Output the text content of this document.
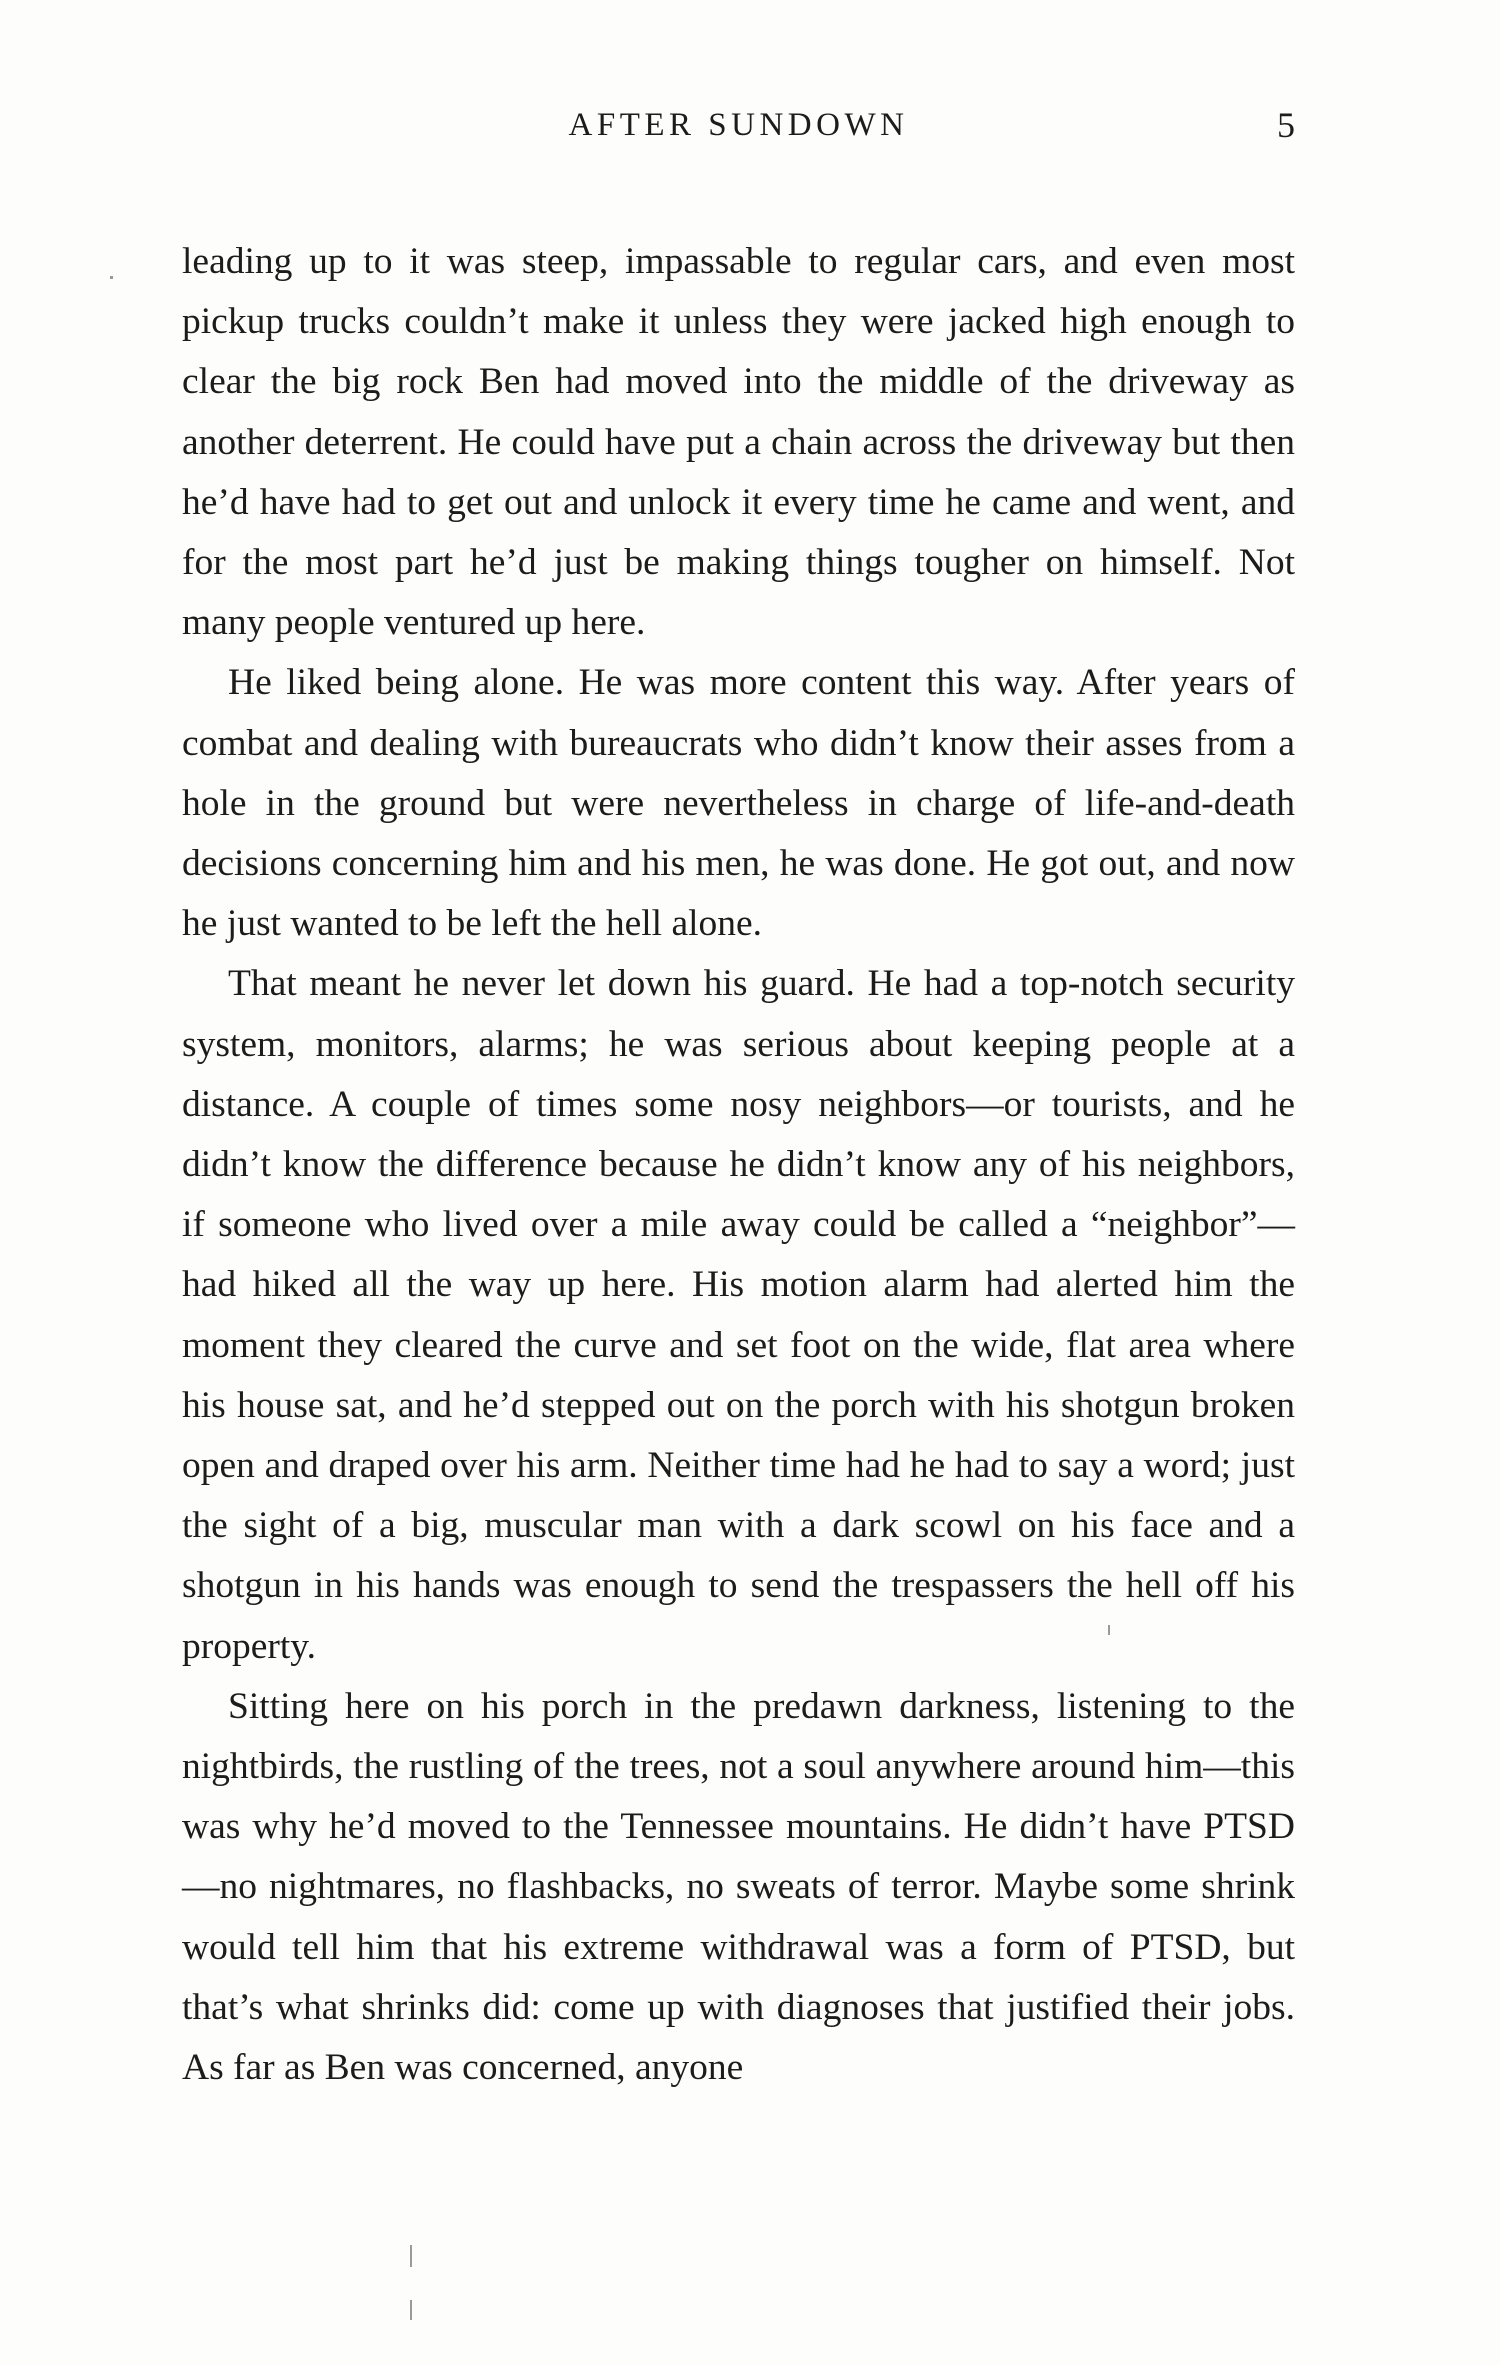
AFTER SUNDOWN	5

leading up to it was steep, impassable to regular cars, and even most pickup trucks couldn’t make it unless they were jacked high enough to clear the big rock Ben had moved into the middle of the driveway as another deterrent. He could have put a chain across the driveway but then he’d have had to get out and unlock it every time he came and went, and for the most part he’d just be making things tougher on himself. Not many people ventured up here.

He liked being alone. He was more content this way. After years of combat and dealing with bureaucrats who didn’t know their asses from a hole in the ground but were nevertheless in charge of life-and-death decisions concerning him and his men, he was done. He got out, and now he just wanted to be left the hell alone.

That meant he never let down his guard. He had a top-notch security system, monitors, alarms; he was serious about keeping people at a distance. A couple of times some nosy neighbors—or tourists, and he didn’t know the difference because he didn’t know any of his neighbors, if someone who lived over a mile away could be called a “neighbor”—had hiked all the way up here. His motion alarm had alerted him the moment they cleared the curve and set foot on the wide, flat area where his house sat, and he’d stepped out on the porch with his shotgun broken open and draped over his arm. Neither time had he had to say a word; just the sight of a big, muscular man with a dark scowl on his face and a shotgun in his hands was enough to send the trespassers the hell off his property.

Sitting here on his porch in the predawn darkness, listening to the nightbirds, the rustling of the trees, not a soul anywhere around him—this was why he’d moved to the Tennessee mountains. He didn’t have PTSD—no nightmares, no flashbacks, no sweats of terror. Maybe some shrink would tell him that his extreme withdrawal was a form of PTSD, but that’s what shrinks did: come up with diagnoses that justified their jobs. As far as Ben was concerned, anyone
